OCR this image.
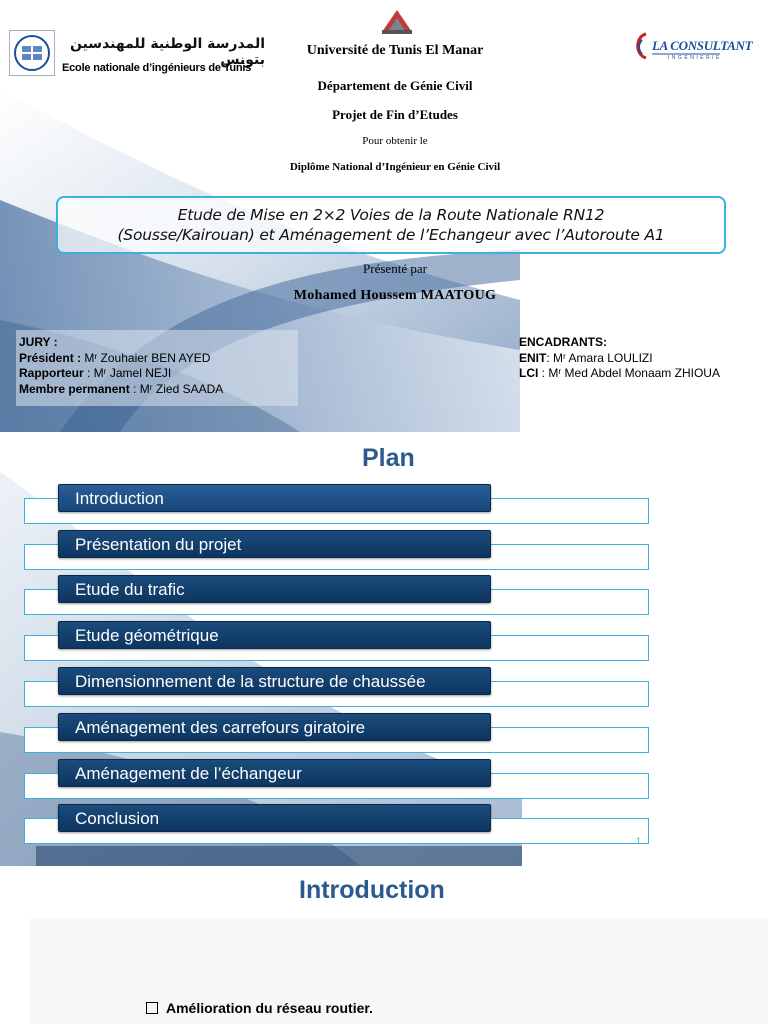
المدرسة الوطنية للمهندسين بتونس
Ecole nationale d’ingénieurs de Tunis
LA CONSULTANT
INGENIERIE
Université de Tunis El Manar
Département de Génie Civil
Projet de Fin d’Etudes
Pour obtenir le
Diplôme National d’Ingénieur en Génie Civil
Etude de Mise en 2×2 Voies de la Route Nationale RN12
(Sousse/Kairouan) et Aménagement de l’Echangeur avec l’Autoroute A1
Présenté par
Mohamed Houssem MAATOUG
JURY :
Président : Mʳ Zouhaier BEN AYED
Rapporteur : Mʳ Jamel NEJI
Membre permanent : Mʳ Zied SAADA
ENCADRANTS:
ENIT: Mʳ Amara LOULIZI
LCI : Mʳ Med Abdel Monaam ZHIOUA
Plan
Introduction
Présentation du projet
Etude du trafic
Etude géométrique
Dimensionnement de la structure de chaussée
Aménagement des carrefours giratoire
Aménagement de l’échangeur
Conclusion
1
Introduction
Amélioration du réseau routier.
